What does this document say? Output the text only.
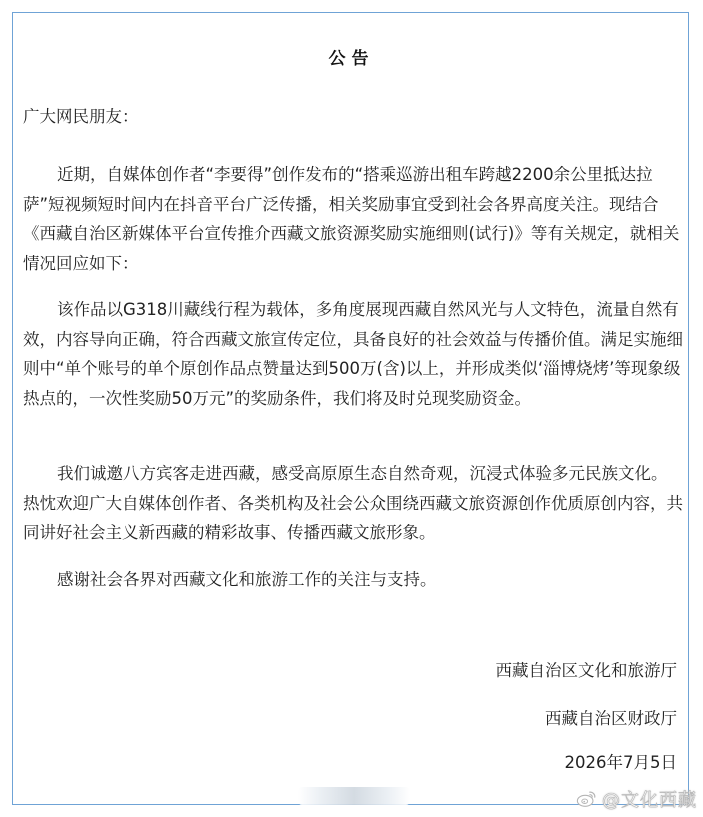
公告
广大网民朋友：

近期，自媒体创作者“李要得”创作发布的“搭乘巡游出租车跨越2200余公里抵达拉萨”短视频短时间内在抖音平台广泛传播，相关奖励事宜受到社会各界高度关注。现结合《西藏自治区新媒体平台宣传推介西藏文旅资源奖励实施细则(试行)》等有关规定，就相关情况回应如下：

该作品以G318川藏线行程为载体，多角度展现西藏自然风光与人文特色，流量自然有效，内容导向正确，符合西藏文旅宣传定位，具备良好的社会效益与传播价值。满足实施细则中“单个账号的单个原创作品点赞量达到500万(含)以上，并形成类似‘淄博烧烤’等现象级热点的，一次性奖励50万元”的奖励条件，我们将及时兑现奖励资金。

我们诚邀八方宾客走进西藏，感受高原原生态自然奇观，沉浸式体验多元民族文化。热忱欢迎广大自媒体创作者、各类机构及社会公众围绕西藏文旅资源创作优质原创内容，共同讲好社会主义新西藏的精彩故事、传播西藏文旅形象。

感谢社会各界对西藏文化和旅游工作的关注与支持。

西藏自治区文化和旅游厅
西藏自治区财政厅
2026年7月5日
@文化西藏
